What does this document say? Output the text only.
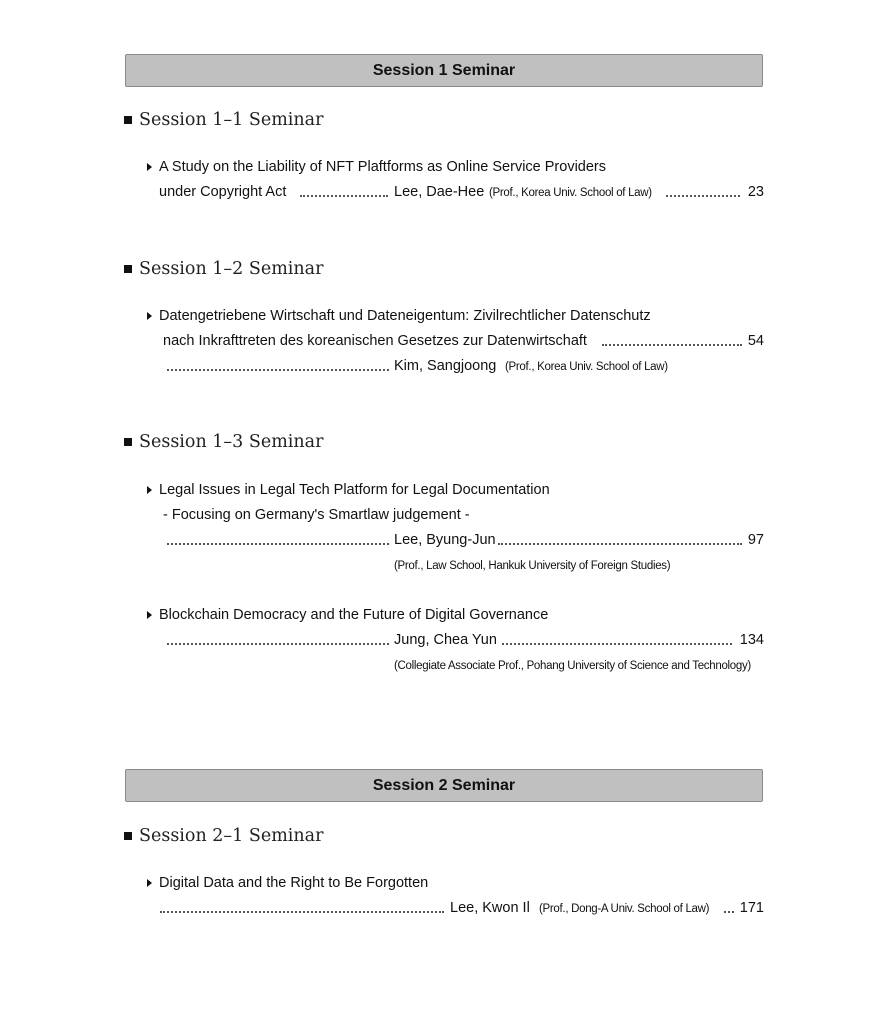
Session 1 Seminar
Session 1–1 Seminar
A Study on the Liability of NFT Plaftforms as Online Service Providers
under Copyright Act	Lee, Dae-Hee (Prof., Korea Univ. School of Law)	23
Session 1–2 Seminar
Datengetriebene Wirtschaft und Dateneigentum: Zivilrechtlicher Datenschutz
nach Inkrafttreten des koreanischen Gesetzes zur Datenwirtschaft	54
Kim, Sangjoong (Prof., Korea Univ. School of Law)
Session 1–3 Seminar
Legal Issues in Legal Tech Platform for Legal Documentation
- Focusing on Germany's Smartlaw judgement -
Lee, Byung-Jun	97
(Prof., Law School, Hankuk University of Foreign Studies)
Blockchain Democracy and the Future of Digital Governance
Jung, Chea Yun	134
(Collegiate Associate Prof., Pohang University of Science and Technology)
Session 2 Seminar
Session 2–1 Seminar
Digital Data and the Right to Be Forgotten
Lee, Kwon Il (Prof., Dong-A Univ. School of Law) 171
